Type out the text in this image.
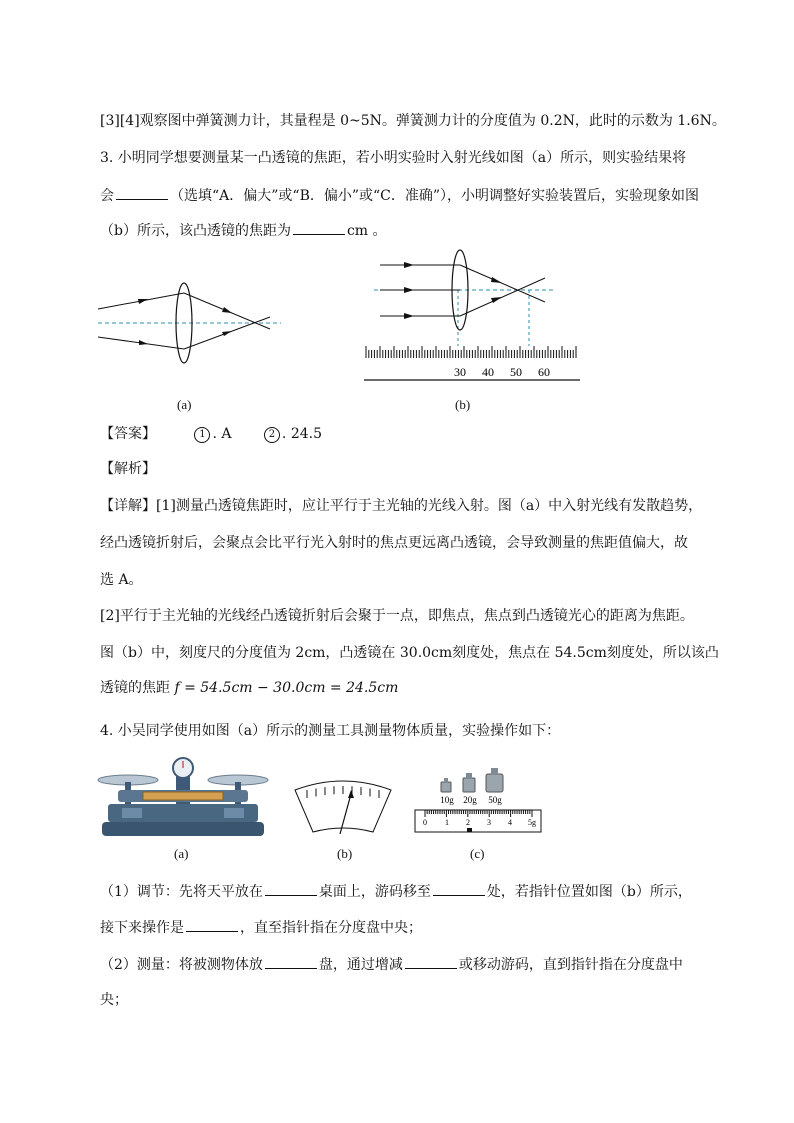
[3][4]观察图中弹簧测力计，其量程是 0~5N。弹簧测力计的分度值为 0.2N，此时的示数为 1.6N。
3. 小明同学想要测量某一凸透镜的焦距，若小明实验时入射光线如图（a）所示，则实验结果将
会	（选填“A．偏大”或“B．偏小”或“C．准确”），小明调整好实验装置后，实验现象如图
（b）所示，该凸透镜的焦距为	cm 。
(a)
30 40 50 60
(b)
【答案】	1 . A	2 . 24.5
【解析】
【详解】[1]测量凸透镜焦距时，应让平行于主光轴的光线入射。图（a）中入射光线有发散趋势，
经凸透镜折射后，会聚点会比平行光入射时的焦点更远离凸透镜，会导致测量的焦距值偏大，故
选 A。
[2]平行于主光轴的光线经凸透镜折射后会聚于一点，即焦点，焦点到凸透镜光心的距离为焦距。
图（b）中，刻度尺的分度值为 2cm，凸透镜在 30.0cm刻度处，焦点在 54.5cm刻度处，所以该凸
透镜的焦距 f = 54.5cm − 30.0cm = 24.5cm
4. 小吴同学使用如图（a）所示的测量工具测量物体质量，实验操作如下：
(a)	(b)
10g 20g 50g
0 1 2 3 4 5g
(c)
（1）调节：先将天平放在	桌面上，游码移至	处，若指针位置如图（b）所示，
接下来操作是	，直至指针指在分度盘中央；
（2）测量：将被测物体放	盘，通过增减	或移动游码，直到指针指在分度盘中
央；
